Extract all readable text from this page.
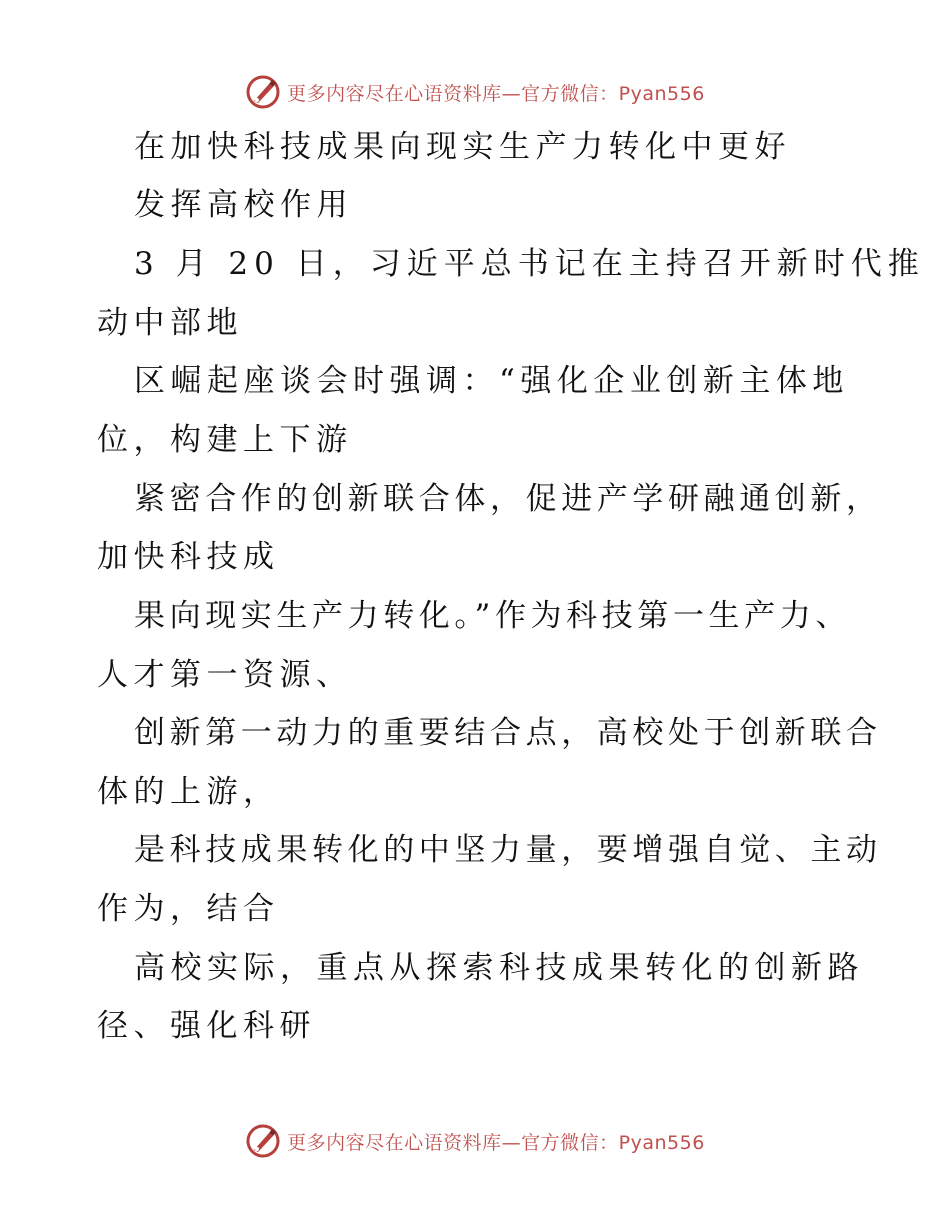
更多内容尽在心语资料库—官方微信：Pyan556
在加快科技成果向现实生产力转化中更好
发挥高校作用
3 月 20 日，习近平总书记在主持召开新时代推
动中部地
区崛起座谈会时强调：“强化企业创新主体地
位，构建上下游
紧密合作的创新联合体，促进产学研融通创新，
加快科技成
果向现实生产力转化。”作为科技第一生产力、
人才第一资源、
创新第一动力的重要结合点，高校处于创新联合
体的上游，
是科技成果转化的中坚力量，要增强自觉、主动
作为，结合
高校实际，重点从探索科技成果转化的创新路
径、强化科研
更多内容尽在心语资料库—官方微信：Pyan556
